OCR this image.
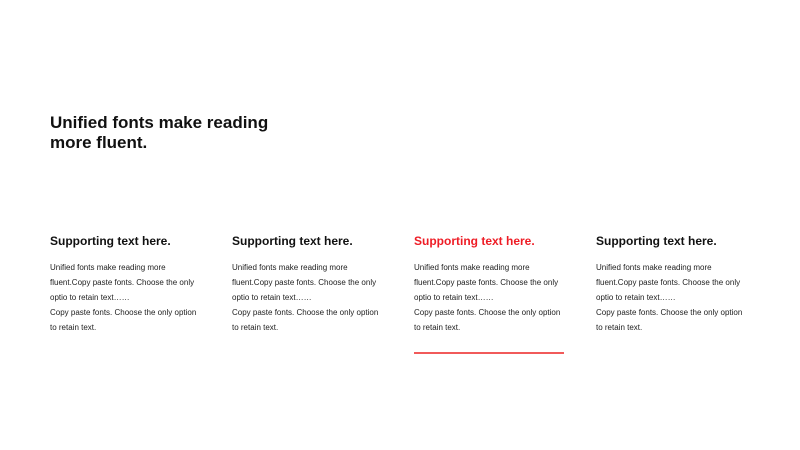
Unified fonts make reading
more fluent.
Supporting text here.
Unified fonts make reading more
fluent.Copy paste fonts. Choose the only
optio to retain text……
Copy paste fonts. Choose the only option
to retain text.
Supporting text here.
Unified fonts make reading more
fluent.Copy paste fonts. Choose the only
optio to retain text……
Copy paste fonts. Choose the only option
to retain text.
Supporting text here.
Unified fonts make reading more
fluent.Copy paste fonts. Choose the only
optio to retain text……
Copy paste fonts. Choose the only option
to retain text.
Supporting text here.
Unified fonts make reading more
fluent.Copy paste fonts. Choose the only
optio to retain text……
Copy paste fonts. Choose the only option
to retain text.
